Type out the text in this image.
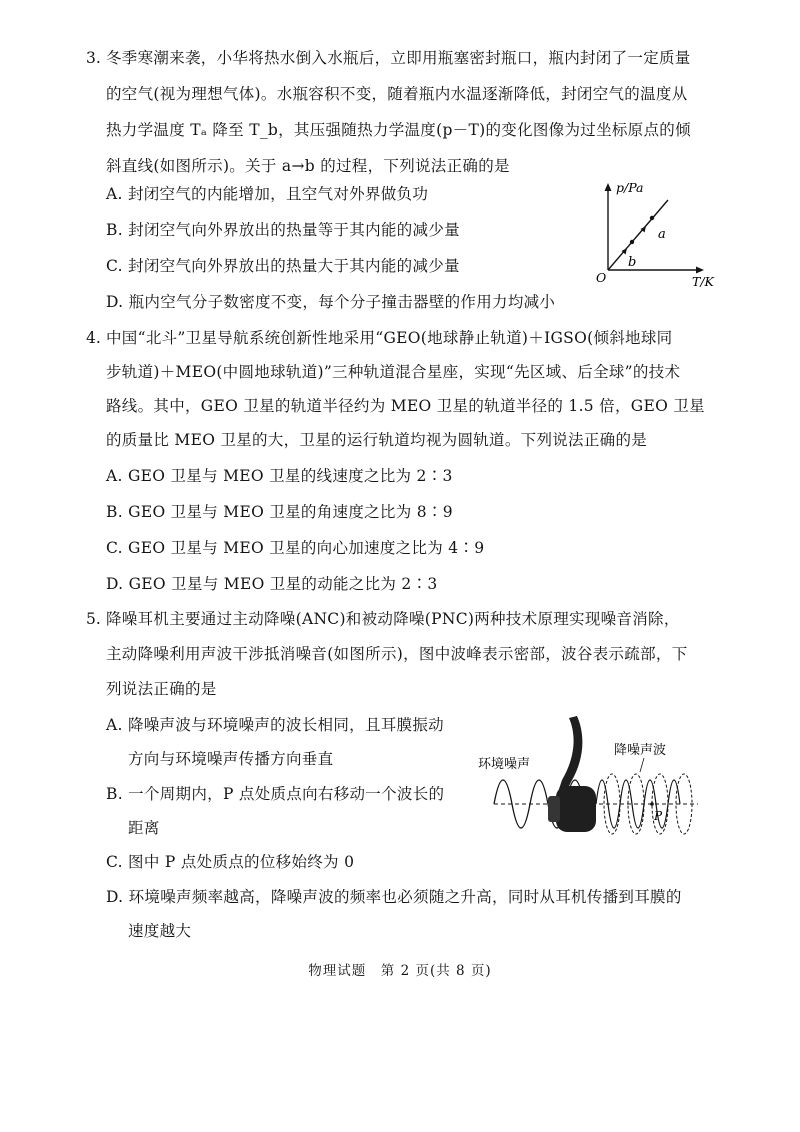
3. 冬季寒潮来袭，小华将热水倒入水瓶后，立即用瓶塞密封瓶口，瓶内封闭了一定质量
的空气(视为理想气体)。水瓶容积不变，随着瓶内水温逐渐降低，封闭空气的温度从
热力学温度 Tₐ 降至 T_b，其压强随热力学温度(p－T)的变化图像为过坐标原点的倾
斜直线(如图所示)。关于 a→b 的过程，下列说法正确的是
A. 封闭空气的内能增加，且空气对外界做负功
B. 封闭空气向外界放出的热量等于其内能的减少量
C. 封闭空气向外界放出的热量大于其内能的减少量
D. 瓶内空气分子数密度不变，每个分子撞击器壁的作用力均减小
p/Pa
T/K
O
a
b
4. 中国“北斗”卫星导航系统创新性地采用“GEO(地球静止轨道)＋IGSO(倾斜地球同
步轨道)＋MEO(中圆地球轨道)”三种轨道混合星座，实现“先区域、后全球”的技术
路线。其中，GEO 卫星的轨道半径约为 MEO 卫星的轨道半径的 1.5 倍，GEO 卫星
的质量比 MEO 卫星的大，卫星的运行轨道均视为圆轨道。下列说法正确的是
A. GEO 卫星与 MEO 卫星的线速度之比为 2∶3
B. GEO 卫星与 MEO 卫星的角速度之比为 8∶9
C. GEO 卫星与 MEO 卫星的向心加速度之比为 4∶9
D. GEO 卫星与 MEO 卫星的动能之比为 2∶3
5. 降噪耳机主要通过主动降噪(ANC)和被动降噪(PNC)两种技术原理实现噪音消除，
主动降噪利用声波干涉抵消噪音(如图所示)，图中波峰表示密部，波谷表示疏部，下
列说法正确的是
A. 降噪声波与环境噪声的波长相同，且耳膜振动
方向与环境噪声传播方向垂直
B. 一个周期内，P 点处质点向右移动一个波长的
距离
C. 图中 P 点处质点的位移始终为 0
D. 环境噪声频率越高，降噪声波的频率也必须随之升高，同时从耳机传播到耳膜的
速度越大
环境噪声
降噪声波
P
物理试题　第 2 页(共 8 页)
